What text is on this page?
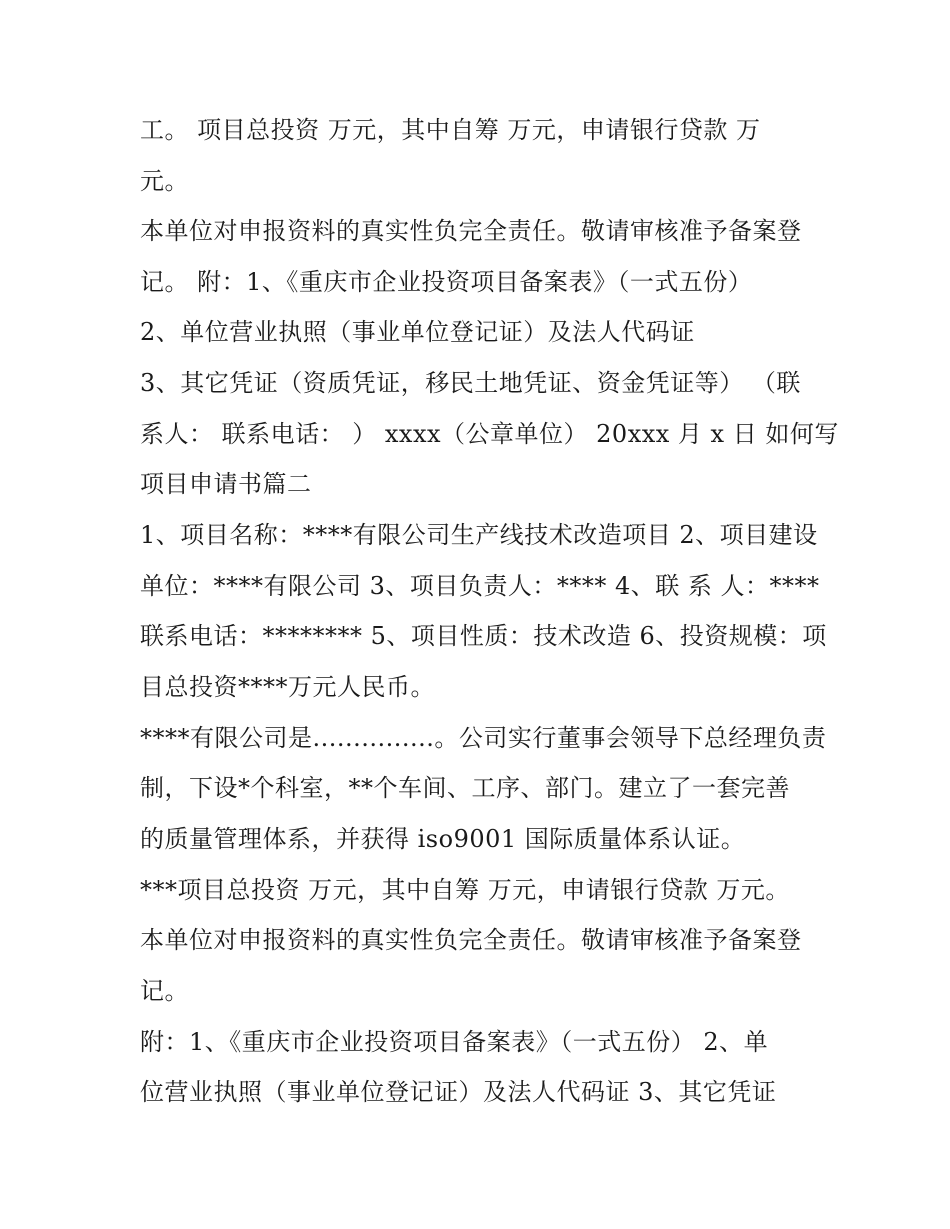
工。 项目总投资 万元，其中自筹 万元，申请银行贷款 万
元。
本单位对申报资料的真实性负完全责任。敬请审核准予备案登
记。 附：1、《重庆市企业投资项目备案表》（一式五份）
2、单位营业执照（事业单位登记证）及法人代码证
3、其它凭证（资质凭证，移民土地凭证、资金凭证等） （联
系人： 联系电话： ） xxxx（公章单位） 20xxx 月 x 日 如何写
项目申请书篇二
1、项目名称：****有限公司生产线技术改造项目 2、项目建设
单位：****有限公司 3、项目负责人：**** 4、联 系 人：****
联系电话：******** 5、项目性质：技术改造 6、投资规模：项
目总投资****万元人民币。
****有限公司是...............。公司实行董事会领导下总经理负责
制，下设*个科室，**个车间、工序、部门。建立了一套完善
的质量管理体系，并获得 iso9001 国际质量体系认证。
***项目总投资 万元，其中自筹 万元，申请银行贷款 万元。
本单位对申报资料的真实性负完全责任。敬请审核准予备案登
记。
附：1、《重庆市企业投资项目备案表》（一式五份） 2、单
位营业执照（事业单位登记证）及法人代码证 3、其它凭证
